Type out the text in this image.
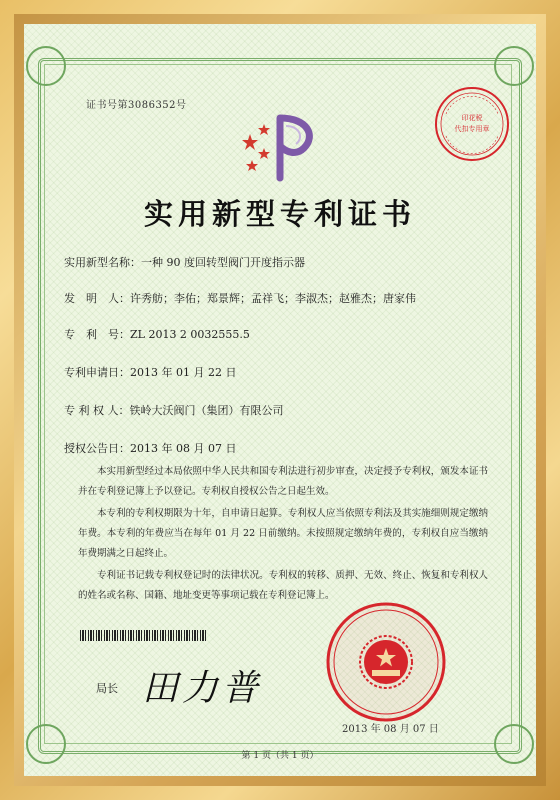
证书号第3086352号
印花税
代扣专用章
实用新型专利证书
实用新型名称：一种 90 度回转型阀门开度指示器
发　明　人：许秀舫；李佑；郑景辉；孟祥飞；李淑杰；赵雅杰；唐家伟
专　利　号：ZL 2013 2 0032555.5
专利申请日：2013 年 01 月 22 日
专 利 权 人：铁岭大沃阀门（集团）有限公司
授权公告日：2013 年 08 月 07 日
本实用新型经过本局依照中华人民共和国专利法进行初步审查，决定授予专利权，颁发本证书并在专利登记簿上予以登记。专利权自授权公告之日起生效。
本专利的专利权期限为十年，自申请日起算。专利权人应当依照专利法及其实施细则规定缴纳年费。本专利的年费应当在每年 01 月 22 日前缴纳。未按照规定缴纳年费的，专利权自应当缴纳年费期满之日起终止。
专利证书记载专利权登记时的法律状况。专利权的转移、质押、无效、终止、恢复和专利权人的姓名或名称、国籍、地址变更等事项记载在专利登记簿上。
局长 田力普
2013 年 08 月 07 日
第 1 页（共 1 页）
